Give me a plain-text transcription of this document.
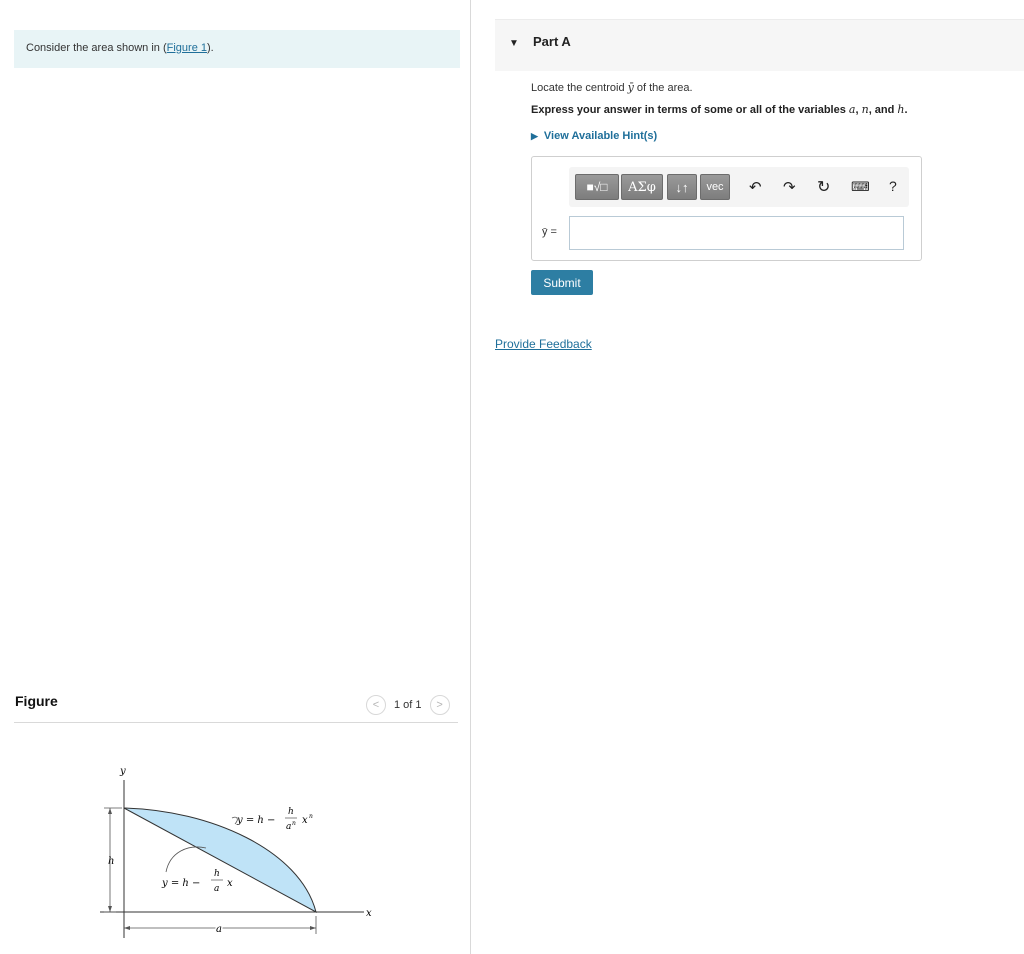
Consider the area shown in (Figure 1).
Figure	<	1 of 1	>
y
x
h
a
y = h −
h
a n x n
y = h −
h
a x
▼ Part A
Locate the centroid ȳ of the area.
Express your answer in terms of some or all of the variables a, n, and h.
▶ View Available Hint(s)
■√□	ΑΣφ	↓↑	vec	↶ ↷ ↻ ⌨ ?
ȳ =
Submit
Provide Feedback
